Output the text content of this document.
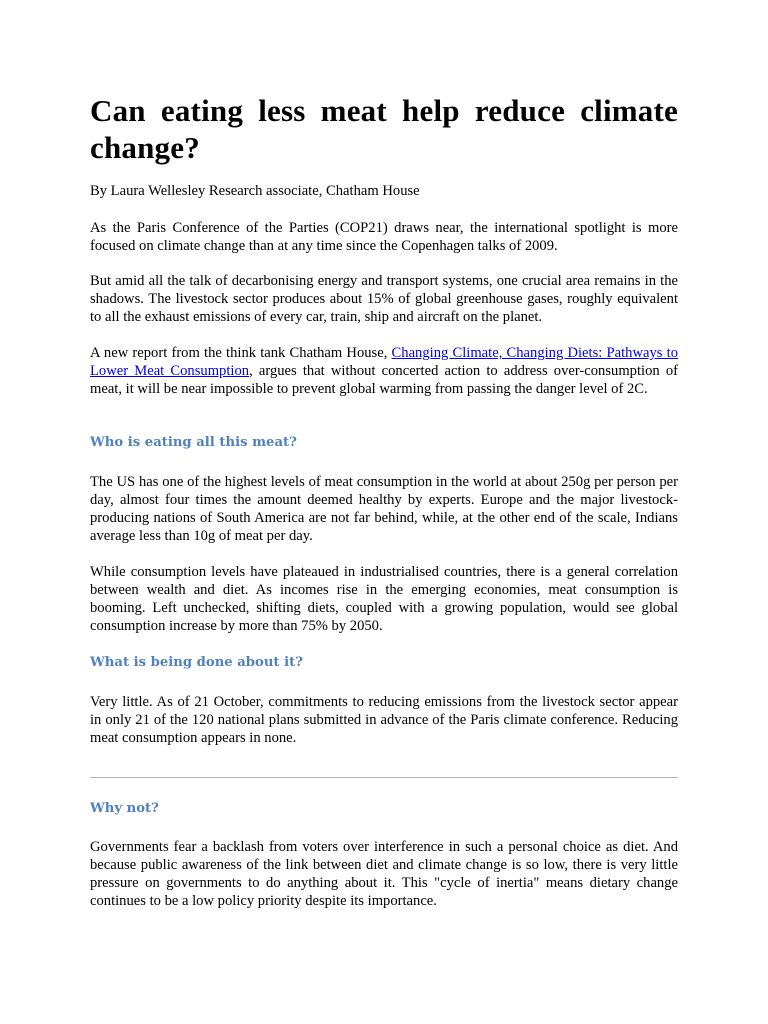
Can eating less meat help reduce climate change?

By Laura Wellesley Research associate, Chatham House

As the Paris Conference of the Parties (COP21) draws near, the international spotlight is more focused on climate change than at any time since the Copenhagen talks of 2009.

But amid all the talk of decarbonising energy and transport systems, one crucial area remains in the shadows. The livestock sector produces about 15% of global greenhouse gases, roughly equivalent to all the exhaust emissions of every car, train, ship and aircraft on the planet.

A new report from the think tank Chatham House, Changing Climate, Changing Diets: Pathways to Lower Meat Consumption, argues that without concerted action to address over-consumption of meat, it will be near impossible to prevent global warming from passing the danger level of 2C.

Who is eating all this meat?

The US has one of the highest levels of meat consumption in the world at about 250g per person per day, almost four times the amount deemed healthy by experts. Europe and the major livestock-producing nations of South America are not far behind, while, at the other end of the scale, Indians average less than 10g of meat per day.

While consumption levels have plateaued in industrialised countries, there is a general correlation between wealth and diet. As incomes rise in the emerging economies, meat consumption is booming. Left unchecked, shifting diets, coupled with a growing population, would see global consumption increase by more than 75% by 2050.

What is being done about it?

Very little. As of 21 October, commitments to reducing emissions from the livestock sector appear in only 21 of the 120 national plans submitted in advance of the Paris climate conference. Reducing meat consumption appears in none.

Why not?

Governments fear a backlash from voters over interference in such a personal choice as diet. And because public awareness of the link between diet and climate change is so low, there is very little pressure on governments to do anything about it. This "cycle of inertia" means dietary change continues to be a low policy priority despite its importance.
